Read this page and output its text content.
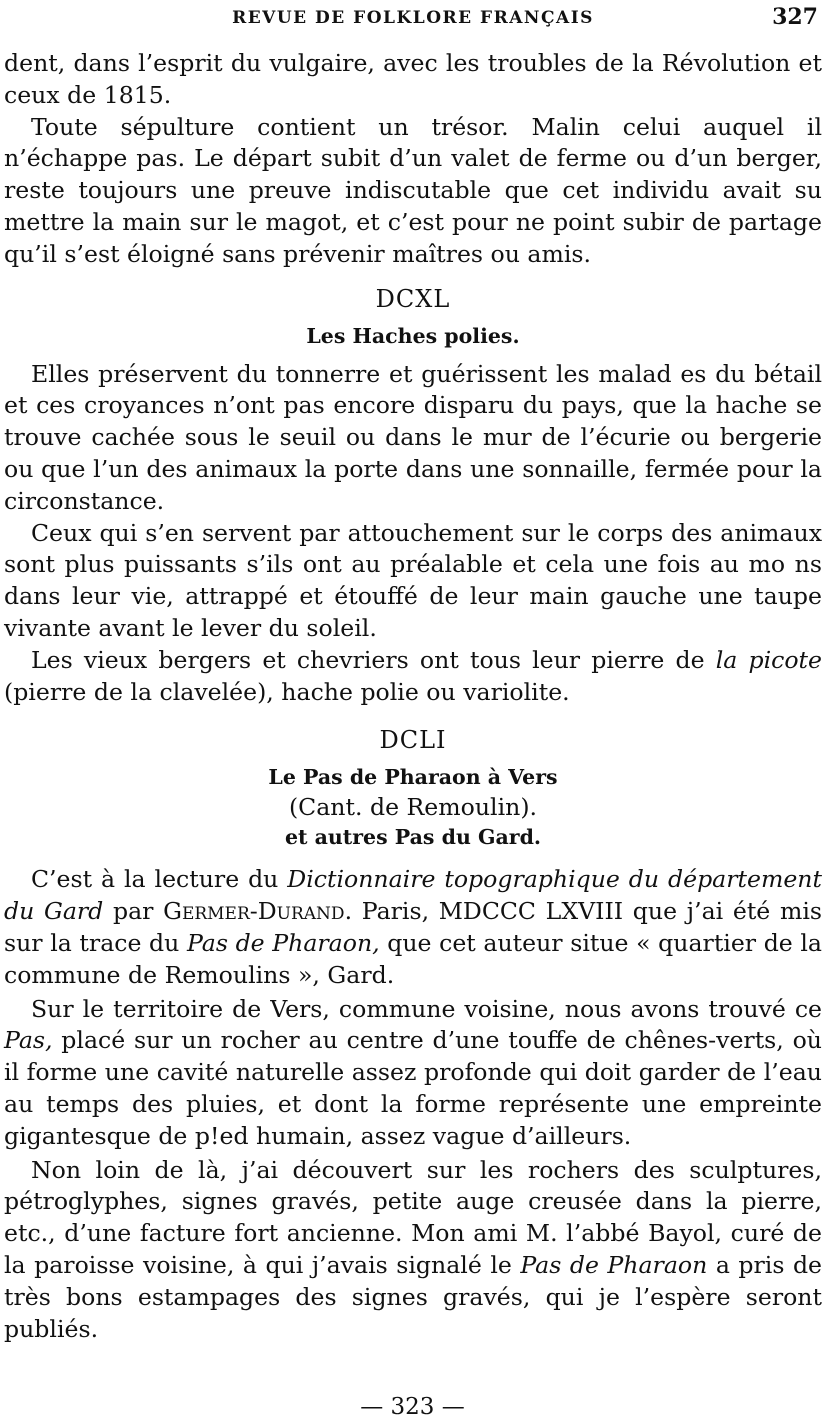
REVUE DE FOLKLORE FRANÇAIS	327

dent, dans l’esprit du vulgaire, avec les troubles de la Révolution et ceux de 1815.

Toute sépulture contient un trésor. Malin celui auquel il n’échappe pas. Le départ subit d’un valet de ferme ou d’un berger, reste toujours une preuve indiscutable que cet individu avait su mettre la main sur le magot, et c’est pour ne point subir de partage qu’il s’est éloigné sans prévenir maîtres ou amis.

DCXL
Les Haches polies.

Elles préservent du tonnerre et guérissent les malad es du bétail et ces croyances n’ont pas encore disparu du pays, que la hache se trouve cachée sous le seuil ou dans le mur de l’écurie ou bergerie ou que l’un des animaux la porte dans une sonnaille, fermée pour la circonstance.

Ceux qui s’en servent par attouchement sur le corps des animaux sont plus puissants s’ils ont au préalable et cela une fois au mo ns dans leur vie, attrappé et étouffé de leur main gauche une taupe vivante avant le lever du soleil.

Les vieux bergers et chevriers ont tous leur pierre de la picote (pierre de la clavelée), hache polie ou variolite.

DCLI
Le Pas de Pharaon à Vers
(Cant. de Remoulin).
et autres Pas du Gard.

C’est à la lecture du Dictionnaire topographique du département du Gard par Germer-Durand. Paris, MDCCC LXVIII que j’ai été mis sur la trace du Pas de Pharaon, que cet auteur situe « quartier de la commune de Remoulins », Gard.

Sur le territoire de Vers, commune voisine, nous avons trouvé ce Pas, placé sur un rocher au centre d’une touffe de chênes-verts, où il forme une cavité naturelle assez profonde qui doit garder de l’eau au temps des pluies, et dont la forme représente une empreinte gigantesque de p!ed humain, assez vague d’ailleurs.

Non loin de là, j’ai découvert sur les rochers des sculptures, pétroglyphes, signes gravés, petite auge creusée dans la pierre, etc., d’une facture fort ancienne. Mon ami M. l’abbé Bayol, curé de la paroisse voisine, à qui j’avais signalé le Pas de Pharaon a pris de très bons estampages des signes gravés, qui je l’espère seront publiés.

— 323 —
